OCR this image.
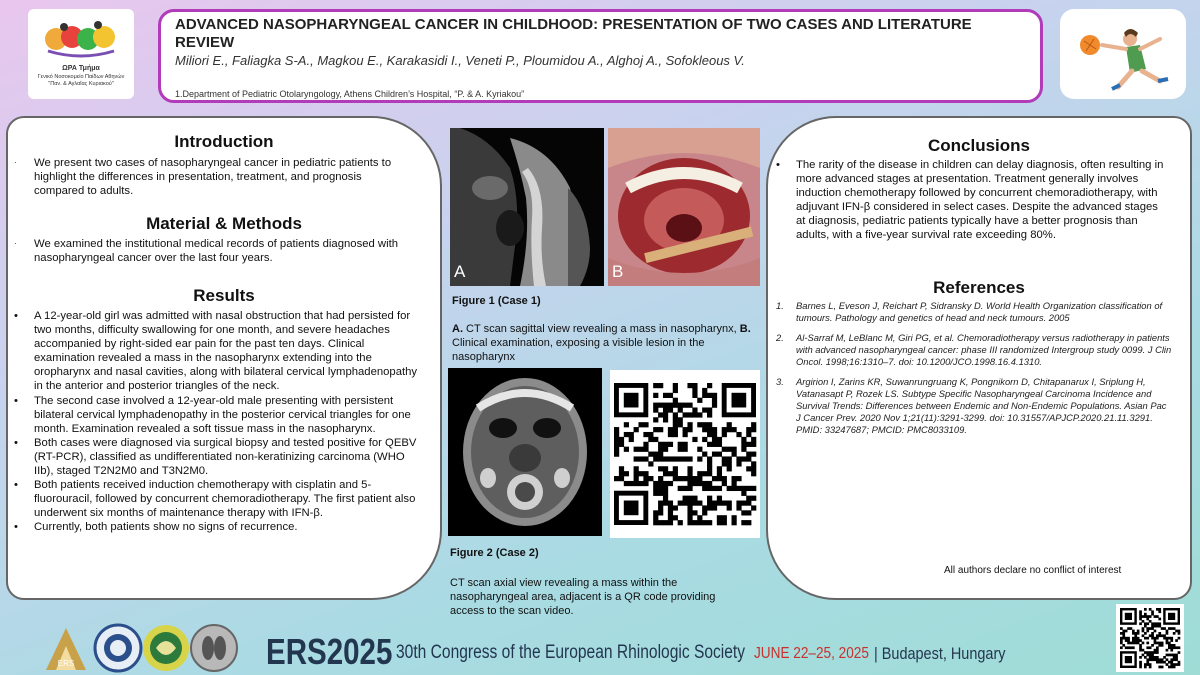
ΩΡΑ Τμήμα
Γενικό Νοσοκομείο Παίδων Αθηνών
"Παν. & Αγλαΐας Κυριακού"
ADVANCED NASOPHARYNGEAL CANCER IN CHILDHOOD: PRESENTATION OF TWO CASES AND LITERATURE REVIEW
Miliori E., Faliagka S-A., Magkou E., Karakasidi I., Veneti P., Ploumidou A., Alghoj A., Sofokleous V.
1.Department of Pediatric Otolaryngology, Athens Children’s Hospital, “P. & A. Kyriakou”
Introduction
· We present two cases of nasopharyngeal cancer in pediatric patients to highlight the differences in presentation, treatment, and prognosis compared to adults.
Material & Methods
· We examined the institutional medical records of patients diagnosed with nasopharyngeal cancer over the last four years.
Results
• A 12-year-old girl was admitted with nasal obstruction that had persisted for two months, difficulty swallowing for one month, and severe headaches accompanied by right-sided ear pain for the past ten days. Clinical examination revealed a mass in the nasopharynx extending into the oropharynx and nasal cavities, along with bilateral cervical lymphadenopathy in the anterior and posterior triangles of the neck.
• The second case involved a 12-year-old male presenting with persistent bilateral cervical lymphadenopathy in the posterior cervical triangles for one month. Examination revealed a soft tissue mass in the nasopharynx.
• Both cases were diagnosed via surgical biopsy and tested positive for QEBV (RT-PCR), classified as undifferentiated non-keratinizing carcinoma (WHO IIb), staged T2N2M0 and T3N2M0.
• Both patients received induction chemotherapy with cisplatin and 5-fluorouracil, followed by concurrent chemoradiotherapy. The first patient also underwent six months of maintenance therapy with IFN-β.
• Currently, both patients show no signs of recurrence.
A	B
Figure 1 (Case 1)
A. CT scan sagittal view revealing a mass in nasopharynx, B. Clinical examination, exposing a visible lesion in the nasopharynx
Figure 2 (Case 2)
CT scan axial view revealing a mass within the nasopharyngeal area, adjacent is a QR code providing access to the scan video.
Conclusions
• The rarity of the disease in children can delay diagnosis, often resulting in more advanced stages at presentation. Treatment generally involves induction chemotherapy followed by concurrent chemoradiotherapy, with adjuvant IFN-β considered in select cases. Despite the advanced stages at diagnosis, pediatric patients typically have a better prognosis than adults, with a five-year survival rate exceeding 80%.
References
1. Barnes L, Eveson J, Reichart P, Sidransky D. World Health Organization classification of tumours. Pathology and genetics of head and neck tumours. 2005
2. Al-Sarraf M, LeBlanc M, Giri PG, et al. Chemoradiotherapy versus radiotherapy in patients with advanced nasopharyngeal cancer: phase III randomized Intergroup study 0099. J Clin Oncol. 1998;16:1310–7. doi: 10.1200/JCO.1998.16.4.1310.
3. Argirion I, Zarins KR, Suwanrungruang K, Pongnikorn D, Chitapanarux I, Sriplung H, Vatanasapt P, Rozek LS. Subtype Specific Nasopharyngeal Carcinoma Incidence and Survival Trends: Differences between Endemic and Non-Endemic Populations. Asian Pac J Cancer Prev. 2020 Nov 1;21(11):3291-3299. doi: 10.31557/APJCP.2020.21.11.3291. PMID: 33247687; PMCID: PMC8033109.
All authors declare no conflict of interest
ERS	ERS2025 30th Congress of the European Rhinologic Society JUNE 22–25, 2025 | Budapest, Hungary
